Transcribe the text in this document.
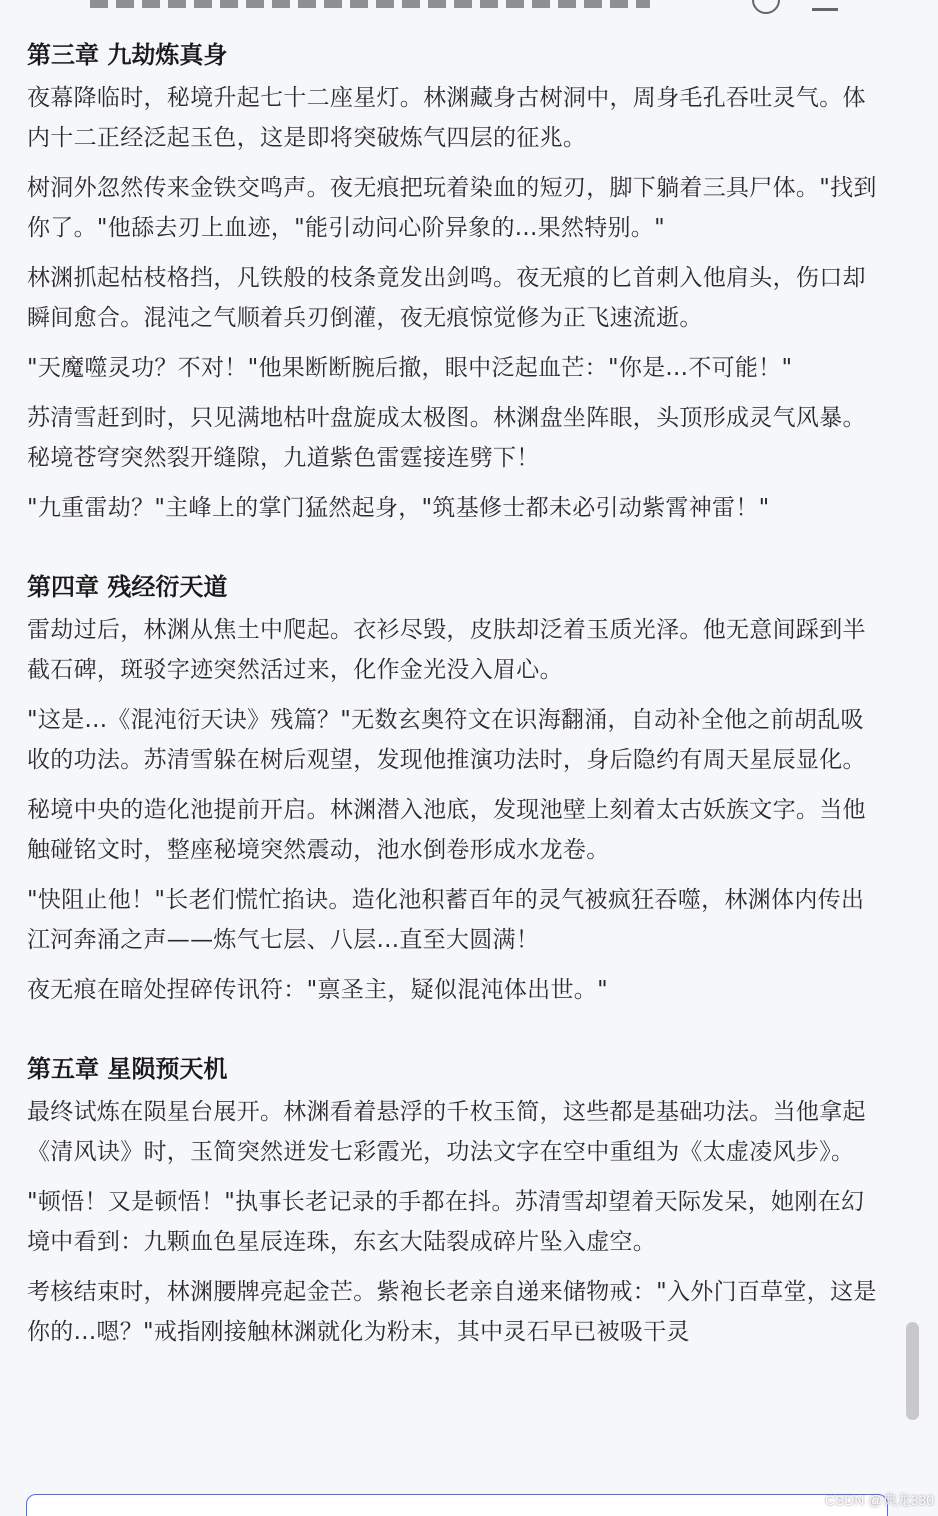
第三章 九劫炼真身

夜幕降临时，秘境升起七十二座星灯。林渊藏身古树洞中，周身毛孔吞吐灵气。体内十二正经泛起玉色，这是即将突破炼气四层的征兆。

树洞外忽然传来金铁交鸣声。夜无痕把玩着染血的短刃，脚下躺着三具尸体。"找到你了。"他舔去刃上血迹，"能引动问心阶异象的...果然特别。"

林渊抓起枯枝格挡，凡铁般的枝条竟发出剑鸣。夜无痕的匕首刺入他肩头，伤口却瞬间愈合。混沌之气顺着兵刃倒灌，夜无痕惊觉修为正飞速流逝。

"天魔噬灵功？不对！"他果断断腕后撤，眼中泛起血芒："你是...不可能！"

苏清雪赶到时，只见满地枯叶盘旋成太极图。林渊盘坐阵眼，头顶形成灵气风暴。秘境苍穹突然裂开缝隙，九道紫色雷霆接连劈下！

"九重雷劫？"主峰上的掌门猛然起身，"筑基修士都未必引动紫霄神雷！"

第四章 残经衍天道

雷劫过后，林渊从焦土中爬起。衣衫尽毁，皮肤却泛着玉质光泽。他无意间踩到半截石碑，斑驳字迹突然活过来，化作金光没入眉心。

"这是...《混沌衍天诀》残篇？"无数玄奥符文在识海翻涌，自动补全他之前胡乱吸收的功法。苏清雪躲在树后观望，发现他推演功法时，身后隐约有周天星辰显化。

秘境中央的造化池提前开启。林渊潜入池底，发现池壁上刻着太古妖族文字。当他触碰铭文时，整座秘境突然震动，池水倒卷形成水龙卷。

"快阻止他！"长老们慌忙掐诀。造化池积蓄百年的灵气被疯狂吞噬，林渊体内传出江河奔涌之声——炼气七层、八层...直至大圆满！

夜无痕在暗处捏碎传讯符："禀圣主，疑似混沌体出世。"

第五章 星陨预天机

最终试炼在陨星台展开。林渊看着悬浮的千枚玉简，这些都是基础功法。当他拿起《清风诀》时，玉简突然迸发七彩霞光，功法文字在空中重组为《太虚凌风步》。

"顿悟！又是顿悟！"执事长老记录的手都在抖。苏清雪却望着天际发呆，她刚在幻境中看到：九颗血色星辰连珠，东玄大陆裂成碎片坠入虚空。

考核结束时，林渊腰牌亮起金芒。紫袍长老亲自递来储物戒："入外门百草堂，这是你的...嗯？"戒指刚接触林渊就化为粉末，其中灵石早已被吸干灵

CSDN @典龙330
